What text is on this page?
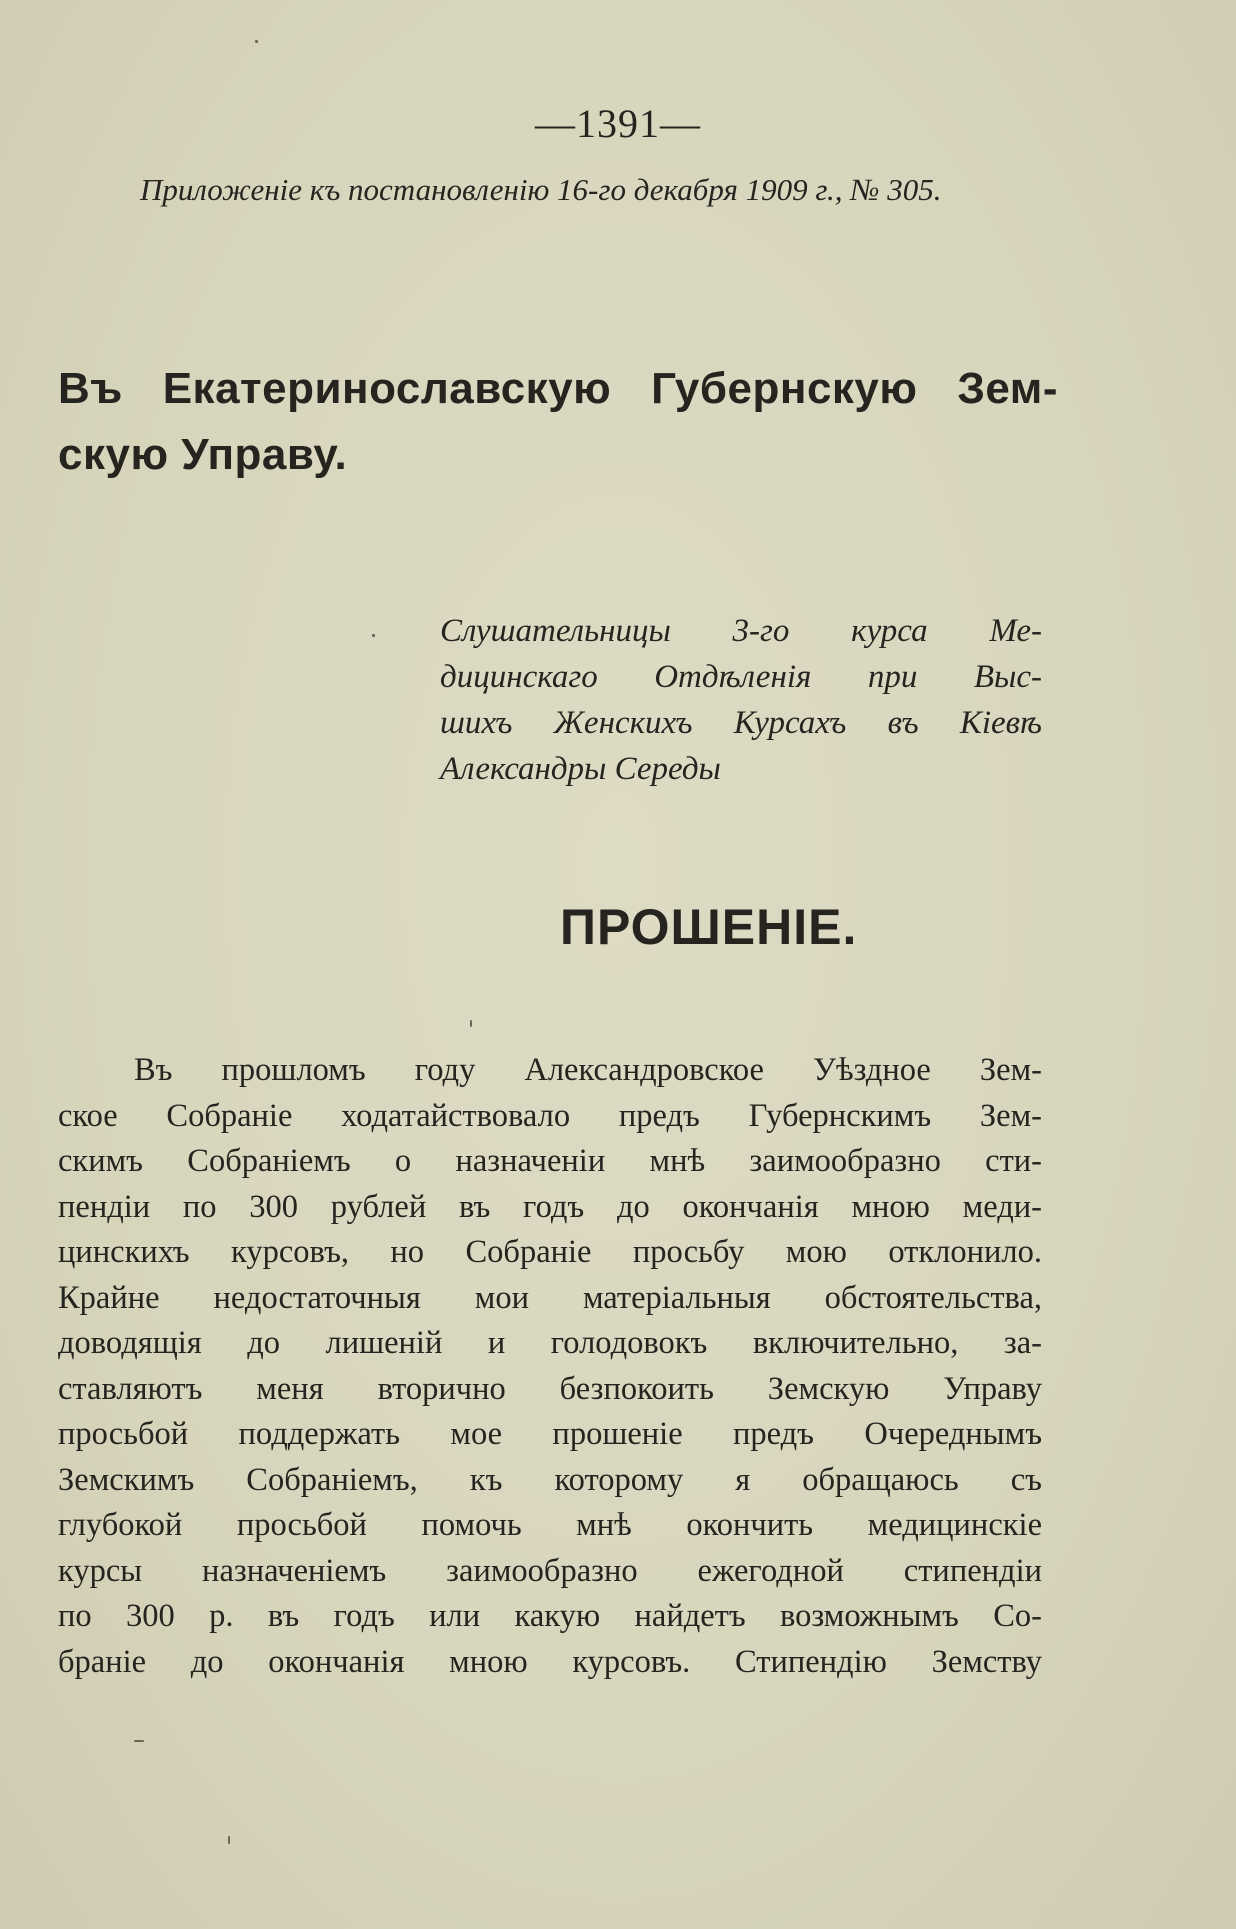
—1391—
Приложеніе къ постановленію 16-го декабря 1909 г., № 305.
Въ Екатеринославскую Губернскую Зем-
скую Управу.
Слушательницы 3-го курса Ме-
дицинскаго Отдѣленія при Выс-
шихъ Женскихъ Курсахъ въ Кіевѣ
Александры Середы
ПРОШЕНІЕ.
Въ прошломъ году Александровское Уѣздное Зем-
ское Собраніе ходатайствовало предъ Губернскимъ Зем-
скимъ Собраніемъ о назначеніи мнѣ заимообразно сти-
пендіи по 300 рублей въ годъ до окончанія мною меди-
цинскихъ курсовъ, но Собраніе просьбу мою отклонило.
Крайне недостаточныя мои матеріальныя обстоятельства,
доводящія до лишеній и голодовокъ включительно, за-
ставляютъ меня вторично безпокоить Земскую Управу
просьбой поддержать мое прошеніе предъ Очереднымъ
Земскимъ Собраніемъ, къ которому я обращаюсь съ
глубокой просьбой помочь мнѣ окончить медицинскіе
курсы назначеніемъ заимообразно ежегодной стипендіи
по 300 р. въ годъ или какую найдетъ возможнымъ Со-
браніе до окончанія мною курсовъ. Стипендію Земству
